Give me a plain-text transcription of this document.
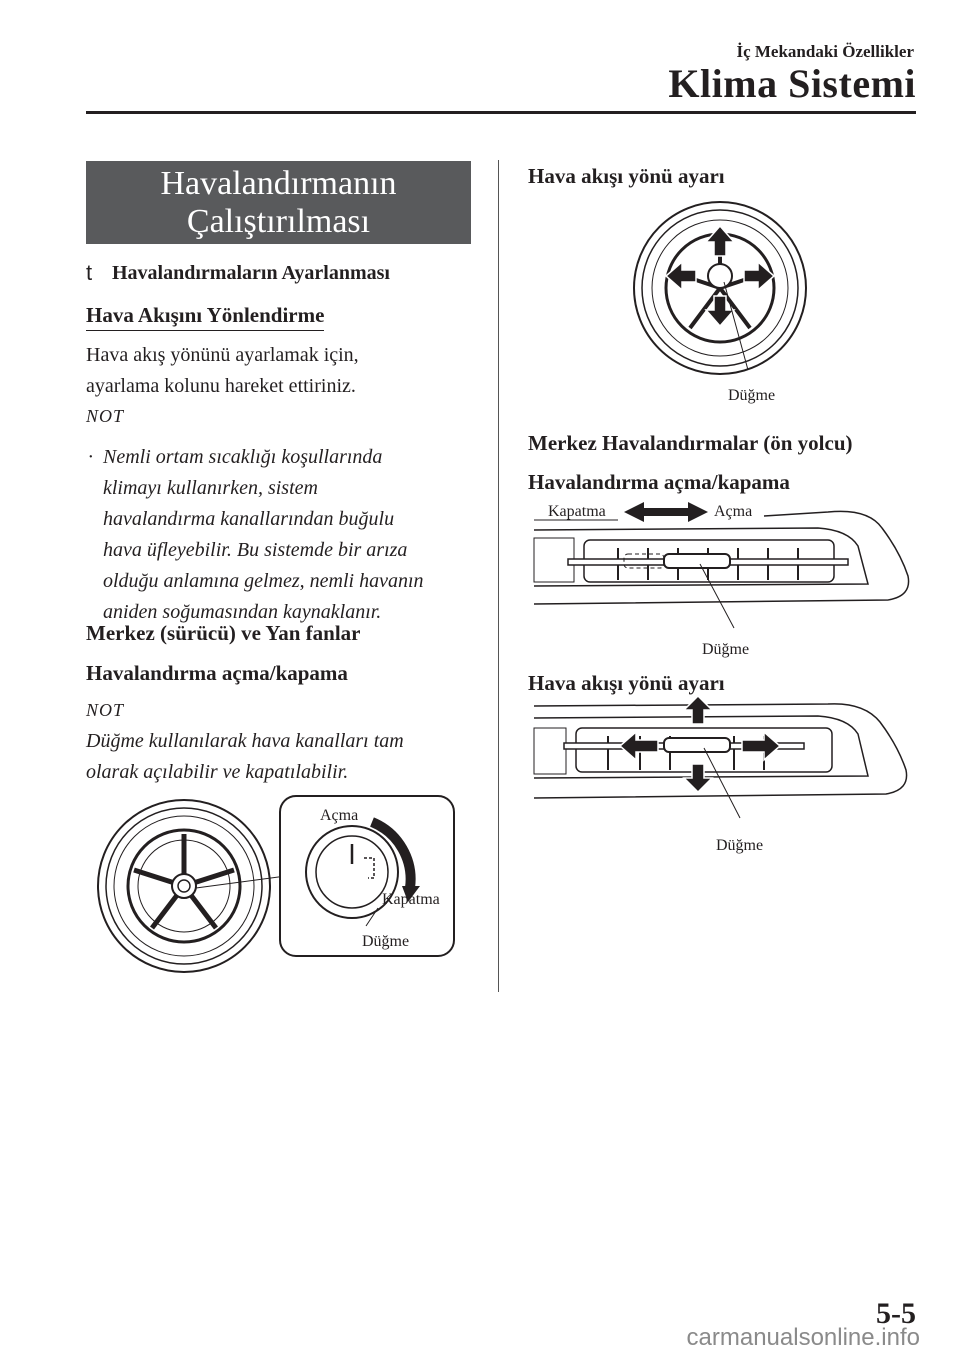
İç Mekandaki Özellikler
Klima Sistemi
Havalandırmanın
Çalıştırılması
t Havalandırmaların Ayarlanması
Hava Akışını Yönlendirme
Hava akış yönünü ayarlamak için,
ayarlama kolunu hareket ettiriniz.
NOT
· Nemli ortam sıcaklığı koşullarında
klimayı kullanırken, sistem
havalandırma kanallarından buğulu
hava üfleyebilir. Bu sistemde bir arıza
olduğu anlamına gelmez, nemli havanın
aniden soğumasından kaynaklanır.
Merkez (sürücü) ve Yan fanlar
Havalandırma açma/kapama
NOT
Düğme kullanılarak hava kanalları tam
olarak açılabilir ve kapatılabilir.
Açma
Kapatma
Düğme
Hava akışı yönü ayarı
Düğme
Merkez Havalandırmalar (ön yolcu)
Havalandırma açma/kapama
Kapatma	Açma
Düğme
Hava akışı yönü ayarı
Düğme
5-5
carmanualsonline.info
